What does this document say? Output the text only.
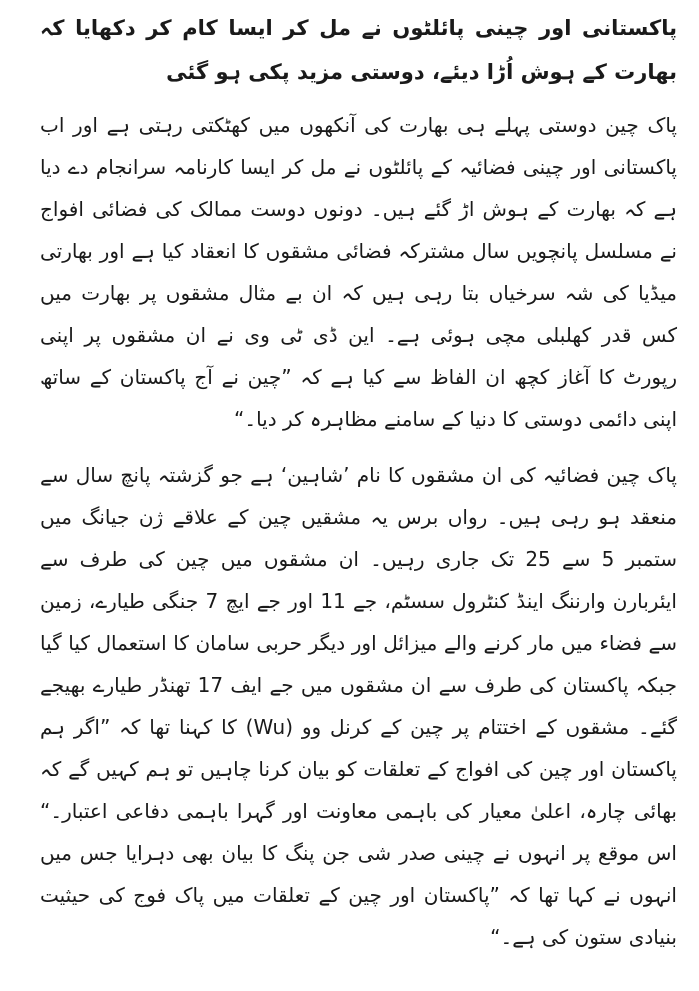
پاکستانی اور چینی پائلٹوں نے مل کر ایسا کام کر دکھایا کہ بھارت کے ہوش اُڑا دیئے، دوستی مزید پکی ہو گئی

پاک چین دوستی پہلے ہی بھارت کی آنکھوں میں کھٹکتی رہتی ہے اور اب پاکستانی اور چینی فضائیہ کے پائلٹوں نے مل کر ایسا کارنامہ سرانجام دے دیا ہے کہ بھارت کے ہوش اڑ گئے ہیں۔ دونوں دوست ممالک کی فضائی افواج نے مسلسل پانچویں سال مشترکہ فضائی مشقوں کا انعقاد کیا ہے اور بھارتی میڈیا کی شہ سرخیاں بتا رہی ہیں کہ ان بے مثال مشقوں پر بھارت میں کس قدر کھلبلی مچی ہوئی ہے۔ این ڈی ٹی وی نے ان مشقوں پر اپنی رپورٹ کا آغاز کچھ ان الفاظ سے کیا ہے کہ ”چین نے آج پاکستان کے ساتھ اپنی دائمی دوستی کا دنیا کے سامنے مظاہرہ کر دیا۔“

پاک چین فضائیہ کی ان مشقوں کا نام ’شاہین‘ ہے جو گزشتہ پانچ سال سے منعقد ہو رہی ہیں۔ رواں برس یہ مشقیں چین کے علاقے ژن جیانگ میں ستمبر 5 سے 25 تک جاری رہیں۔ ان مشقوں میں چین کی طرف سے ایئربارن وارننگ اینڈ کنٹرول سسٹم، جے 11 اور جے ایچ 7 جنگی طیارے، زمین سے فضاء میں مار کرنے والے میزائل اور دیگر حربی سامان کا استعمال کیا گیا جبکہ پاکستان کی طرف سے ان مشقوں میں جے ایف 17 تھنڈر طیارے بھیجے گئے۔ مشقوں کے اختتام پر چین کے کرنل وو (Wu) کا کہنا تھا کہ ”اگر ہم پاکستان اور چین کی افواج کے تعلقات کو بیان کرنا چاہیں تو ہم کہیں گے کہ بھائی چارہ، اعلیٰ معیار کی باہمی معاونت اور گہرا باہمی دفاعی اعتبار۔“ اس موقع پر انہوں نے چینی صدر شی جن پنگ کا بیان بھی دہرایا جس میں انہوں نے کہا تھا کہ ”پاکستان اور چین کے تعلقات میں پاک فوج کی حیثیت بنیادی ستون کی ہے۔“
